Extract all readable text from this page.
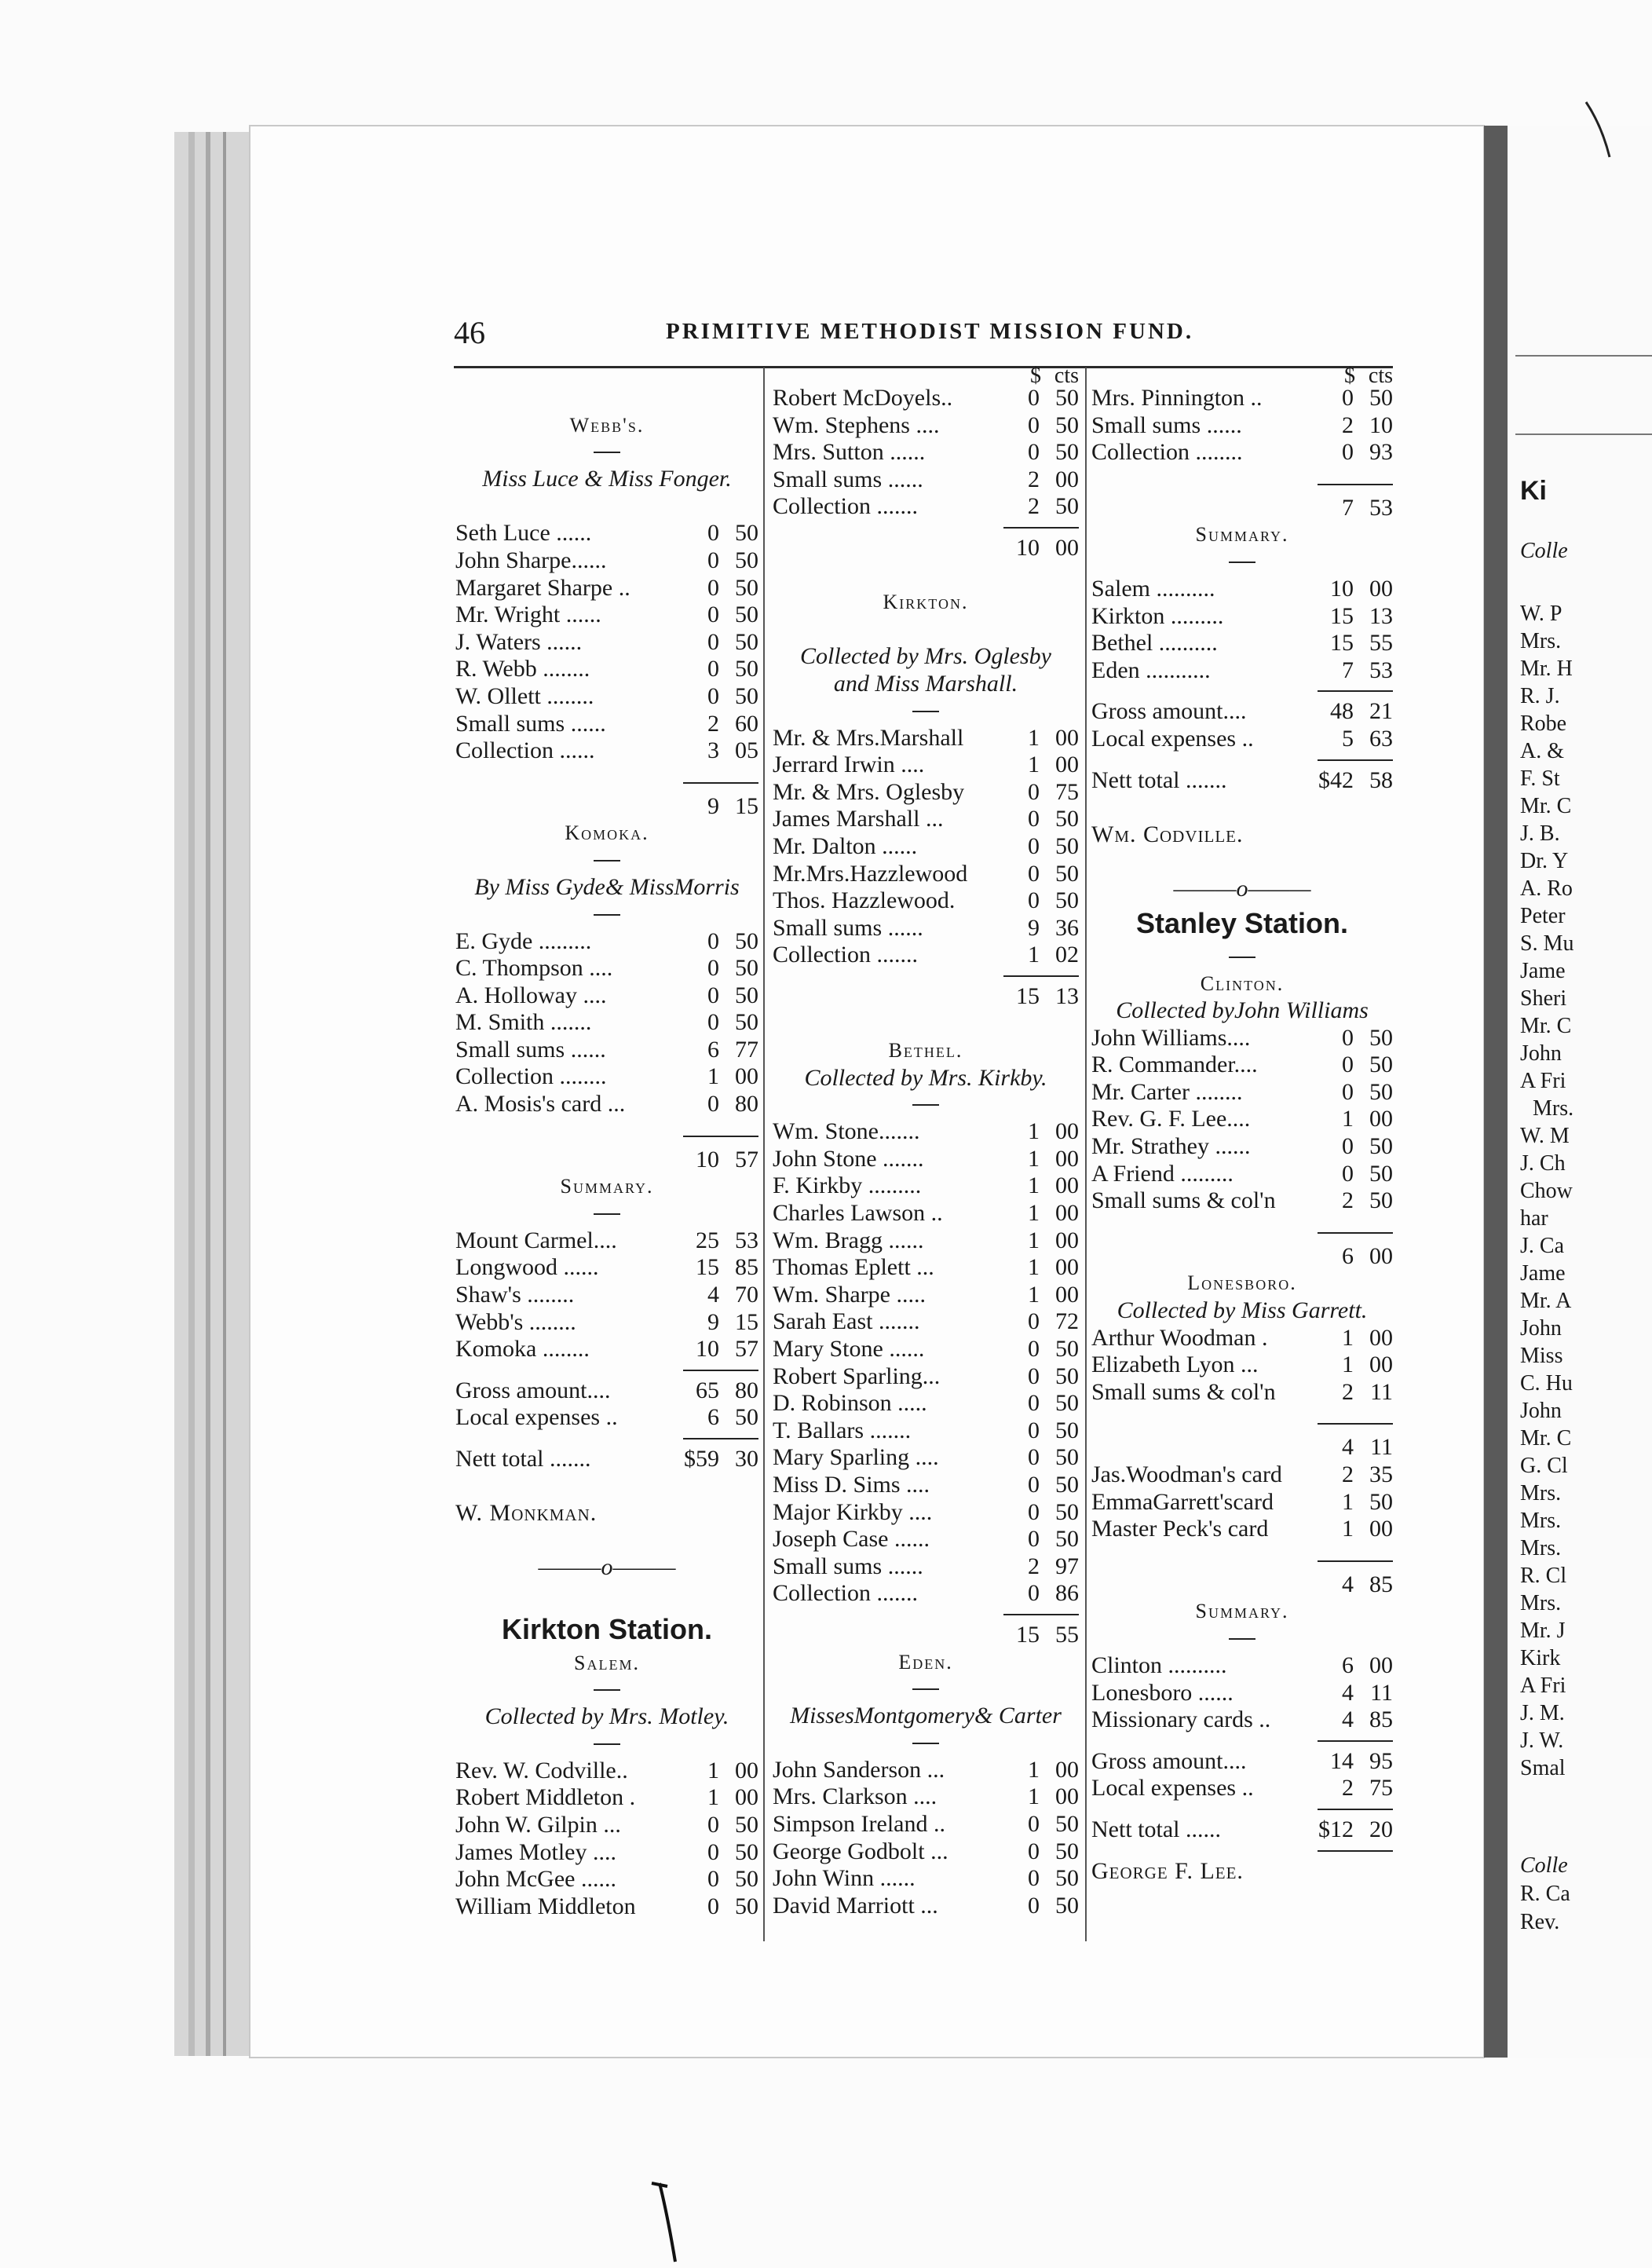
46	PRIMITIVE METHODIST MISSION FUND.
Webb's.
Miss Luce & Miss Fonger.
Seth Luce ......	0 50
John Sharpe......	0 50
Margaret Sharpe ..	0 50
Mr. Wright ......	0 50
J. Waters ......	0 50
R. Webb ........	0 50
W. Ollett ........	0 50
Small sums ......	2 60
Collection ......	3 05
9 15
Komoka.
By Miss Gyde& MissMorris
E. Gyde .........	0 50
C. Thompson ....	0 50
A. Holloway ....	0 50
M. Smith .......	0 50
Small sums ......	6 77
Collection ........	1 00
A. Mosis's card ...	0 80
10 57
Summary.
Mount Carmel....	25 53
Longwood ......	15 85
Shaw's ........	4 70
Webb's ........	9 15
Komoka ........	10 57
Gross amount....	65 80
Local expenses ..	6 50
Nett total .......	$59 30
W. Monkman.
———o———
Kirkton Station.
Salem.
Collected by Mrs. Motley.
Rev. W. Codville..	1 00
Robert Middleton .	1 00
John W. Gilpin ...	0 50
James Motley ....	0 50
John McGee ......	0 50
William Middleton	0 50
$ cts
Robert McDoyels..	0 50
Wm. Stephens ....	0 50
Mrs. Sutton ......	0 50
Small sums ......	2 00
Collection .......	2 50
10 00
Kirkton.
Collected by Mrs. Oglesby
and Miss Marshall.
Mr. & Mrs.Marshall	1 00
Jerrard Irwin ....	1 00
Mr. & Mrs. Oglesby	0 75
James Marshall ...	0 50
Mr. Dalton ......	0 50
Mr.Mrs.Hazzlewood	0 50
Thos. Hazzlewood.	0 50
Small sums ......	9 36
Collection .......	1 02
15 13
Bethel.
Collected by Mrs. Kirkby.
Wm. Stone.......	1 00
John Stone .......	1 00
F. Kirkby .........	1 00
Charles Lawson ..	1 00
Wm. Bragg ......	1 00
Thomas Eplett ...	1 00
Wm. Sharpe .....	1 00
Sarah East .......	0 72
Mary Stone ......	0 50
Robert Sparling...	0 50
D. Robinson .....	0 50
T. Ballars .......	0 50
Mary Sparling ....	0 50
Miss D. Sims ....	0 50
Major Kirkby ....	0 50
Joseph Case ......	0 50
Small sums ......	2 97
Collection .......	0 86
15 55
Eden.
MissesMontgomery& Carter
John Sanderson ...	1 00
Mrs. Clarkson ....	1 00
Simpson Ireland ..	0 50
George Godbolt ...	0 50
John Winn ......	0 50
David Marriott ...	0 50
$ cts
Mrs. Pinnington ..	0 50
Small sums ......	2 10
Collection ........	0 93
7 53
Summary.
Salem ..........	10 00
Kirkton .........	15 13
Bethel ..........	15 55
Eden ...........	7 53
Gross amount....	48 21
Local expenses ..	5 63
Nett total .......	$42 58
Wm. Codville.
———o———
Stanley Station.
Clinton.
Collected byJohn Williams
John Williams....	0 50
R. Commander....	0 50
Mr. Carter ........	0 50
Rev. G. F. Lee....	1 00
Mr. Strathey ......	0 50
A Friend .........	0 50
Small sums & col'n	2 50
6 00
Lonesboro.
Collected by Miss Garrett.
Arthur Woodman .	1 00
Elizabeth Lyon ...	1 00
Small sums & col'n	2 11
4 11
Jas.Woodman's card	2 35
EmmaGarrett'scard	1 50
Master Peck's card	1 00
4 85
Summary.
Clinton ..........	6 00
Lonesboro ......	4 11
Missionary cards ..	4 85
Gross amount....	14 95
Local expenses ..	2 75
Nett total ......	$12 20
George F. Lee.
Ki
Colle
W. P
Mrs.
Mr. H
R. J.
Robe
A. &
F. St
Mr. C
J. B.
Dr. Y
A. Ro
Peter
S. Mu
Jame
Sheri
Mr. C
John
A Fri
Mrs.
W. M
J. Ch
Chow
har
J. Ca
Jame
Mr. A
John
Miss
C. Hu
John
Mr. C
G. Cl
Mrs.
Mrs.
Mrs.
R. Cl
Mrs.
Mr. J
Kirk
A Fri
J. M.
J. W.
Smal
Colle
R. Ca
Rev.
